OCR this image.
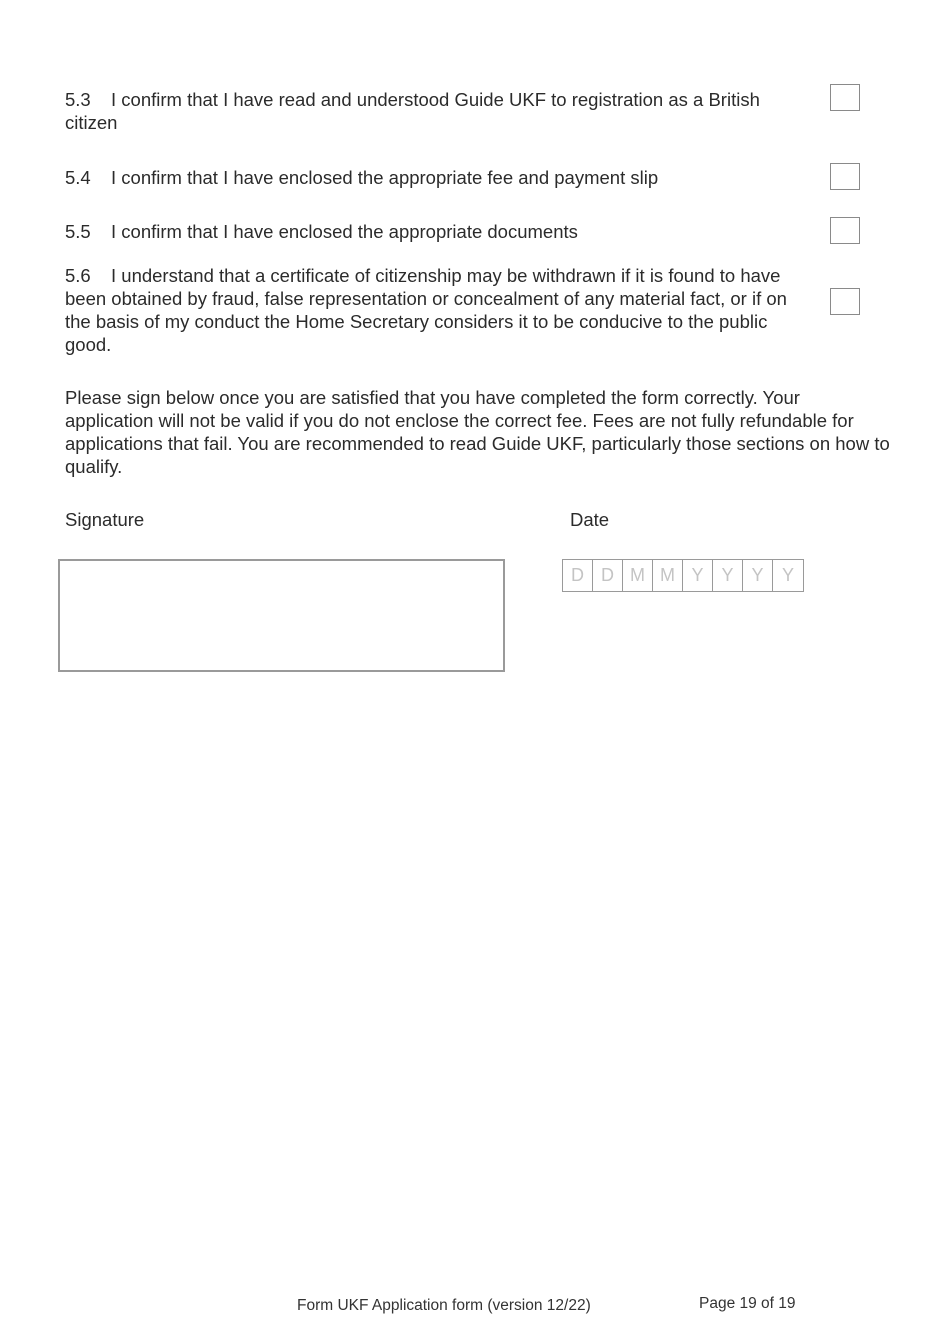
5.3 I confirm that I have read and understood Guide UKF to registration as a British citizen
5.4 I confirm that I have enclosed the appropriate fee and payment slip
5.5 I confirm that I have enclosed the appropriate documents
5.6 I understand that a certificate of citizenship may be withdrawn if it is found to have been obtained by fraud, false representation or concealment of any material fact, or if on the basis of my conduct the Home Secretary considers it to be conducive to the public good.
Please sign below once you are satisfied that you have completed the form correctly. Your application will not be valid if you do not enclose the correct fee. Fees are not fully refundable for applications that fail. You are recommended to read Guide UKF, particularly those sections on how to qualify.
Signature	Date
D D M M Y Y Y	Y
Form UKF Application form (version 12/22)	Page 19 of 19
